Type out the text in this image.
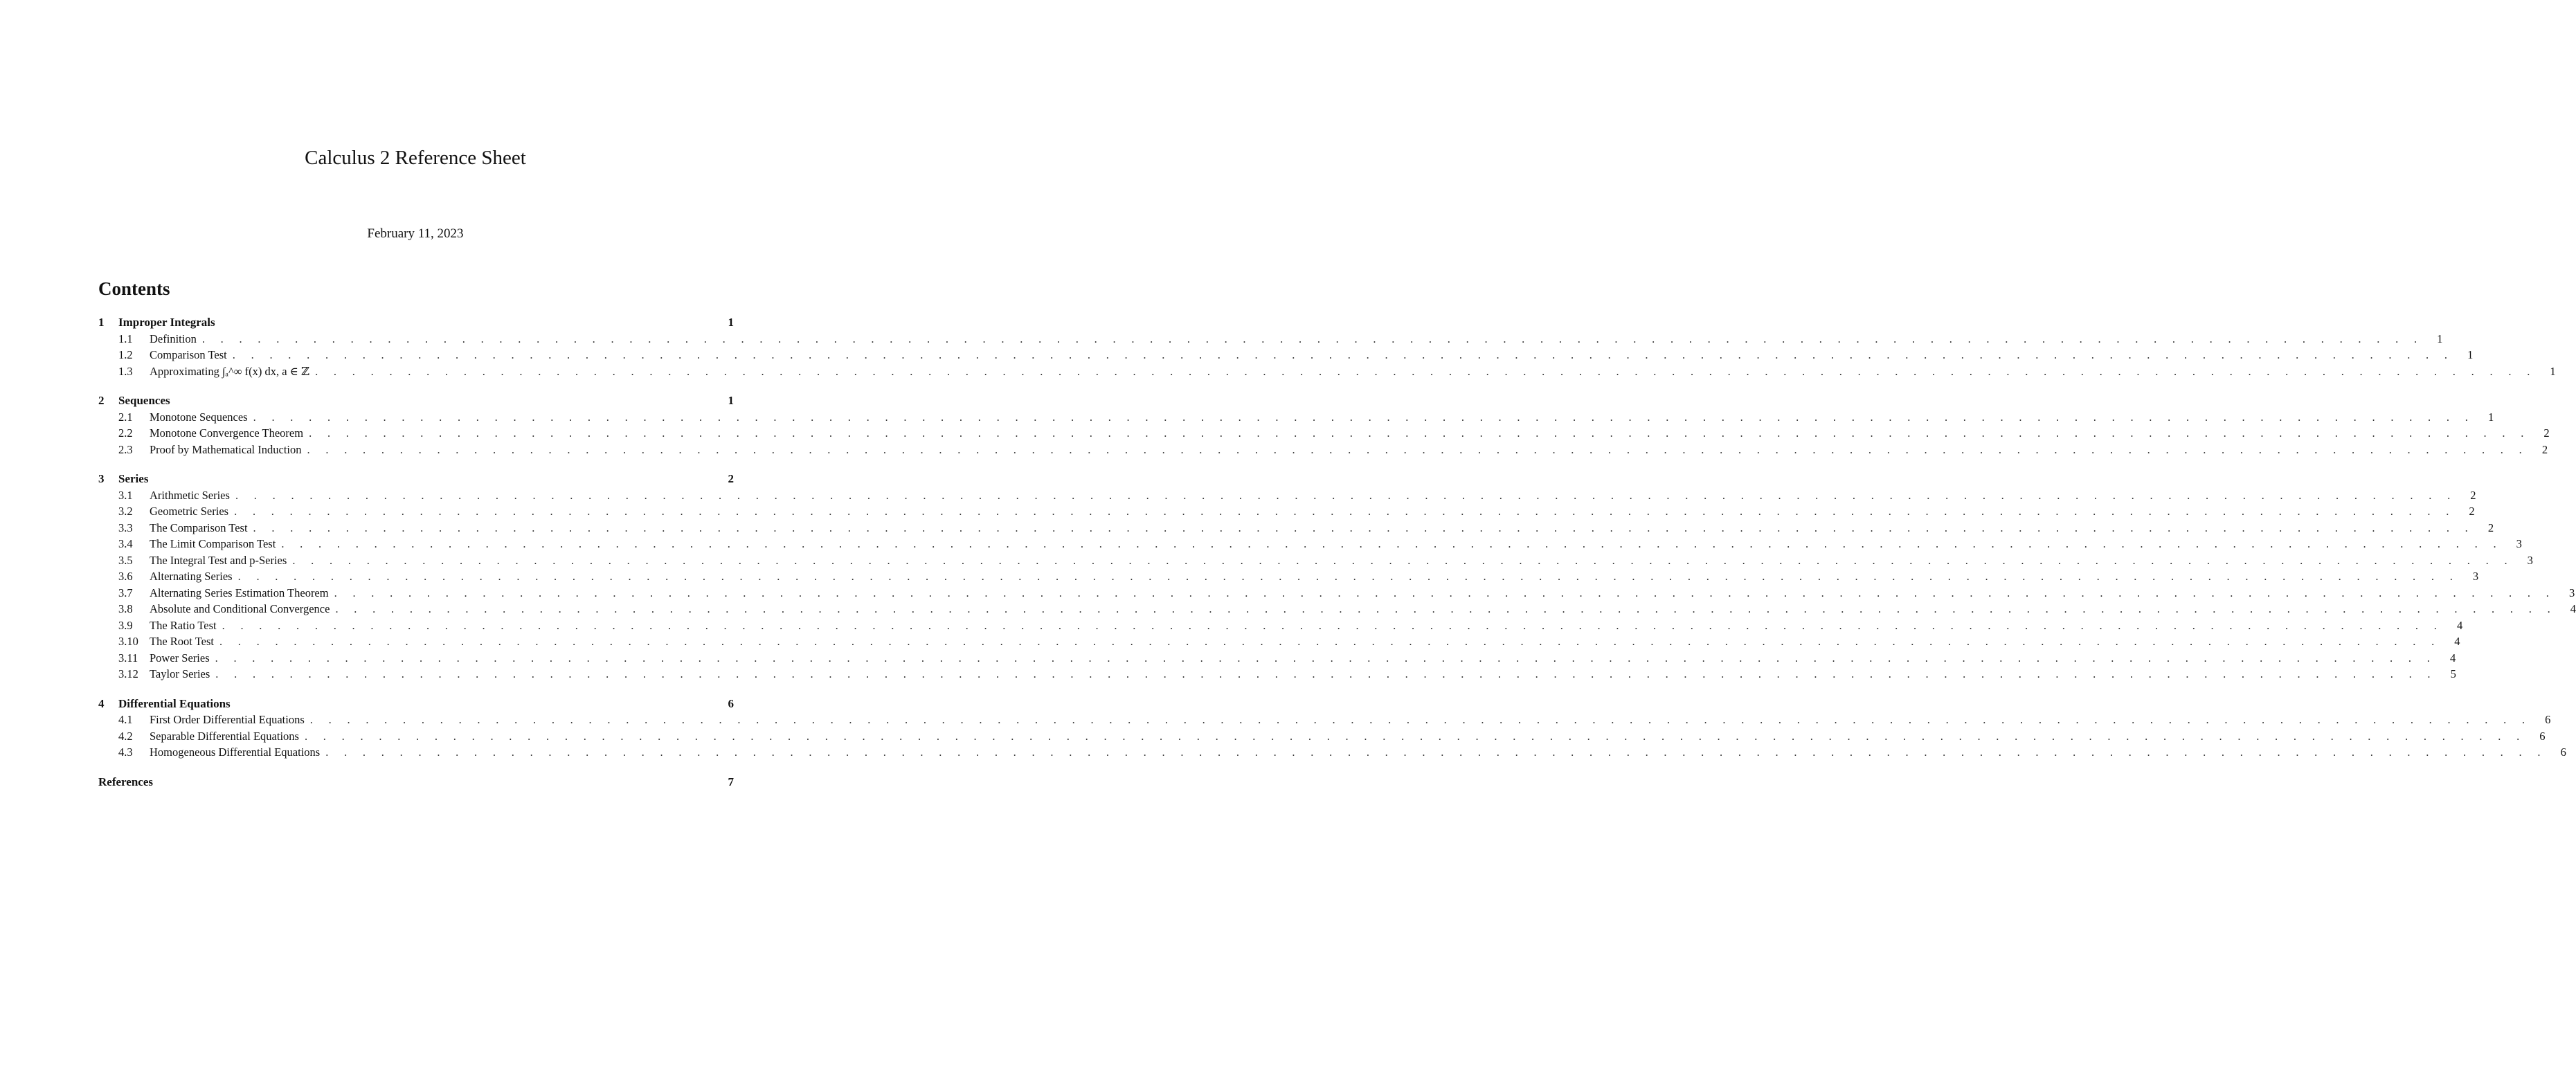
Calculus 2 Reference Sheet
February 11, 2023
Contents
1	Improper Integrals	1
1.1	Definition . . . . . . . . . . . . . . . . . . . . . . . . . . . . . . . . . . . . . . . . . . . . . . . . . . . . . . . . . . . . . . . . . . . . . . . . . . . . . . . . . . . . . . . . . . . . . . . . . . . . . . . . . . . . . . . . . . . . . . . .	1
1.2	Comparison Test . . . . . . . . . . . . . . . . . . . . . . . . . . . . . . . . . . . . . . . . . . . . . . . . . . . . . . . . . . . . . . . . . . . . . . . . . . . . . . . . . . . . . . . . . . . . . . . . . . . . . . . . . . . . . . . . . . . . . . . .	1
1.3	Approximating ∫ₐ^∞ f(x) dx, a ∈ ℤ . . . . . . . . . . . . . . . . . . . . . . . . . . . . . . . . . . . . . . . . . . . . . . . . . . . . . . . . . . . . . . . . . . . . . . . . . . . . . . . . . . . . . . . . . . . . . . . . . . . . . . . . . . . . . . . . . . . . . . . .	1
2	Sequences	1
2.1	Monotone Sequences . . . . . . . . . . . . . . . . . . . . . . . . . . . . . . . . . . . . . . . . . . . . . . . . . . . . . . . . . . . . . . . . . . . . . . . . . . . . . . . . . . . . . . . . . . . . . . . . . . . . . . . . . . . . . . . . . . . . . . . .	1
2.2	Monotone Convergence Theorem . . . . . . . . . . . . . . . . . . . . . . . . . . . . . . . . . . . . . . . . . . . . . . . . . . . . . . . . . . . . . . . . . . . . . . . . . . . . . . . . . . . . . . . . . . . . . . . . . . . . . . . . . . . . . . . . . . . . . . . .	2
2.3	Proof by Mathematical Induction . . . . . . . . . . . . . . . . . . . . . . . . . . . . . . . . . . . . . . . . . . . . . . . . . . . . . . . . . . . . . . . . . . . . . . . . . . . . . . . . . . . . . . . . . . . . . . . . . . . . . . . . . . . . . . . . . . . . . . . .	2
3	Series	2
3.1	Arithmetic Series . . . . . . . . . . . . . . . . . . . . . . . . . . . . . . . . . . . . . . . . . . . . . . . . . . . . . . . . . . . . . . . . . . . . . . . . . . . . . . . . . . . . . . . . . . . . . . . . . . . . . . . . . . . . . . . . . . . . . . . .	2
3.2	Geometric Series . . . . . . . . . . . . . . . . . . . . . . . . . . . . . . . . . . . . . . . . . . . . . . . . . . . . . . . . . . . . . . . . . . . . . . . . . . . . . . . . . . . . . . . . . . . . . . . . . . . . . . . . . . . . . . . . . . . . . . . .	2
3.3	The Comparison Test . . . . . . . . . . . . . . . . . . . . . . . . . . . . . . . . . . . . . . . . . . . . . . . . . . . . . . . . . . . . . . . . . . . . . . . . . . . . . . . . . . . . . . . . . . . . . . . . . . . . . . . . . . . . . . . . . . . . . . . .	2
3.4	The Limit Comparison Test . . . . . . . . . . . . . . . . . . . . . . . . . . . . . . . . . . . . . . . . . . . . . . . . . . . . . . . . . . . . . . . . . . . . . . . . . . . . . . . . . . . . . . . . . . . . . . . . . . . . . . . . . . . . . . . . . . . . . . . .	3
3.5	The Integral Test and p-Series . . . . . . . . . . . . . . . . . . . . . . . . . . . . . . . . . . . . . . . . . . . . . . . . . . . . . . . . . . . . . . . . . . . . . . . . . . . . . . . . . . . . . . . . . . . . . . . . . . . . . . . . . . . . . . . . . . . . . . . .	3
3.6	Alternating Series . . . . . . . . . . . . . . . . . . . . . . . . . . . . . . . . . . . . . . . . . . . . . . . . . . . . . . . . . . . . . . . . . . . . . . . . . . . . . . . . . . . . . . . . . . . . . . . . . . . . . . . . . . . . . . . . . . . . . . . .	3
3.7	Alternating Series Estimation Theorem . . . . . . . . . . . . . . . . . . . . . . . . . . . . . . . . . . . . . . . . . . . . . . . . . . . . . . . . . . . . . . . . . . . . . . . . . . . . . . . . . . . . . . . . . . . . . . . . . . . . . . . . . . . . . . . . . . . . . . . .	3
3.8	Absolute and Conditional Convergence . . . . . . . . . . . . . . . . . . . . . . . . . . . . . . . . . . . . . . . . . . . . . . . . . . . . . . . . . . . . . . . . . . . . . . . . . . . . . . . . . . . . . . . . . . . . . . . . . . . . . . . . . . . . . . . . . . . . . . . .	4
3.9	The Ratio Test . . . . . . . . . . . . . . . . . . . . . . . . . . . . . . . . . . . . . . . . . . . . . . . . . . . . . . . . . . . . . . . . . . . . . . . . . . . . . . . . . . . . . . . . . . . . . . . . . . . . . . . . . . . . . . . . . . . . . . . .	4
3.10 The Root Test . . . . . . . . . . . . . . . . . . . . . . . . . . . . . . . . . . . . . . . . . . . . . . . . . . . . . . . . . . . . . . . . . . . . . . . . . . . . . . . . . . . . . . . . . . . . . . . . . . . . . . . . . . . . . . . . . . . . . . . .	4
3.11	Power Series . . . . . . . . . . . . . . . . . . . . . . . . . . . . . . . . . . . . . . . . . . . . . . . . . . . . . . . . . . . . . . . . . . . . . . . . . . . . . . . . . . . . . . . . . . . . . . . . . . . . . . . . . . . . . . . . . . . . . . . .	4
3.12 Taylor Series . . . . . . . . . . . . . . . . . . . . . . . . . . . . . . . . . . . . . . . . . . . . . . . . . . . . . . . . . . . . . . . . . . . . . . . . . . . . . . . . . . . . . . . . . . . . . . . . . . . . . . . . . . . . . . . . . . . . . . . .	5
4	Differential Equations	6
4.1	First Order Differential Equations . . . . . . . . . . . . . . . . . . . . . . . . . . . . . . . . . . . . . . . . . . . . . . . . . . . . . . . . . . . . . . . . . . . . . . . . . . . . . . . . . . . . . . . . . . . . . . . . . . . . . . . . . . . . . . . . . . . . . . . .	6
4.2	Separable Differential Equations . . . . . . . . . . . . . . . . . . . . . . . . . . . . . . . . . . . . . . . . . . . . . . . . . . . . . . . . . . . . . . . . . . . . . . . . . . . . . . . . . . . . . . . . . . . . . . . . . . . . . . . . . . . . . . . . . . . . . . . .	6
4.3	Homogeneous Differential Equations . . . . . . . . . . . . . . . . . . . . . . . . . . . . . . . . . . . . . . . . . . . . . . . . . . . . . . . . . . . . . . . . . . . . . . . . . . . . . . . . . . . . . . . . . . . . . . . . . . . . . . . . . . . . . . . . . . . . . . . .	6
References	7
